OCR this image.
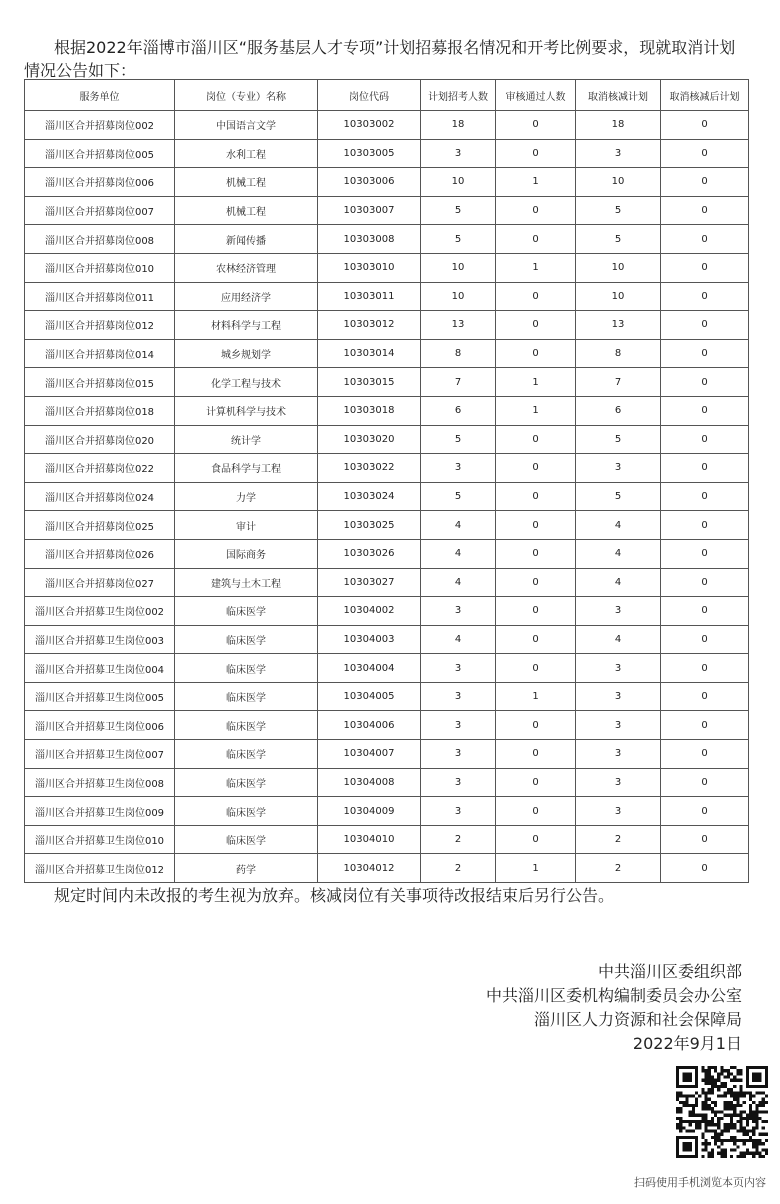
根据2022年淄博市淄川区“服务基层人才专项”计划招募报名情况和开考比例要求，现就取消计划情况公告如下：

服务单位	岗位（专业）名称	岗位代码	计划招考人数	审核通过人数	取消核减计划	取消核减后计划
淄川区合并招募岗位002	中国语言文学	10303002	18	0	18	0
淄川区合并招募岗位005	水利工程	10303005	3	0	3	0
淄川区合并招募岗位006	机械工程	10303006	10	1	10	0
淄川区合并招募岗位007	机械工程	10303007	5	0	5	0
淄川区合并招募岗位008	新闻传播	10303008	5	0	5	0
淄川区合并招募岗位010	农林经济管理	10303010	10	1	10	0
淄川区合并招募岗位011	应用经济学	10303011	10	0	10	0
淄川区合并招募岗位012	材料科学与工程	10303012	13	0	13	0
淄川区合并招募岗位014	城乡规划学	10303014	8	0	8	0
淄川区合并招募岗位015	化学工程与技术	10303015	7	1	7	0
淄川区合并招募岗位018	计算机科学与技术	10303018	6	1	6	0
淄川区合并招募岗位020	统计学	10303020	5	0	5	0
淄川区合并招募岗位022	食品科学与工程	10303022	3	0	3	0
淄川区合并招募岗位024	力学	10303024	5	0	5	0
淄川区合并招募岗位025	审计	10303025	4	0	4	0
淄川区合并招募岗位026	国际商务	10303026	4	0	4	0
淄川区合并招募岗位027	建筑与土木工程	10303027	4	0	4	0
淄川区合并招募卫生岗位002	临床医学	10304002	3	0	3	0
淄川区合并招募卫生岗位003	临床医学	10304003	4	0	4	0
淄川区合并招募卫生岗位004	临床医学	10304004	3	0	3	0
淄川区合并招募卫生岗位005	临床医学	10304005	3	1	3	0
淄川区合并招募卫生岗位006	临床医学	10304006	3	0	3	0
淄川区合并招募卫生岗位007	临床医学	10304007	3	0	3	0
淄川区合并招募卫生岗位008	临床医学	10304008	3	0	3	0
淄川区合并招募卫生岗位009	临床医学	10304009	3	0	3	0
淄川区合并招募卫生岗位010	临床医学	10304010	2	0	2	0
淄川区合并招募卫生岗位012	药学	10304012	2	1	2	0

规定时间内未改报的考生视为放弃。核减岗位有关事项待改报结束后另行公告。

中共淄川区委组织部
中共淄川区委机构编制委员会办公室
淄川区人力资源和社会保障局
2022年9月1日
扫码使用手机浏览本页内容
